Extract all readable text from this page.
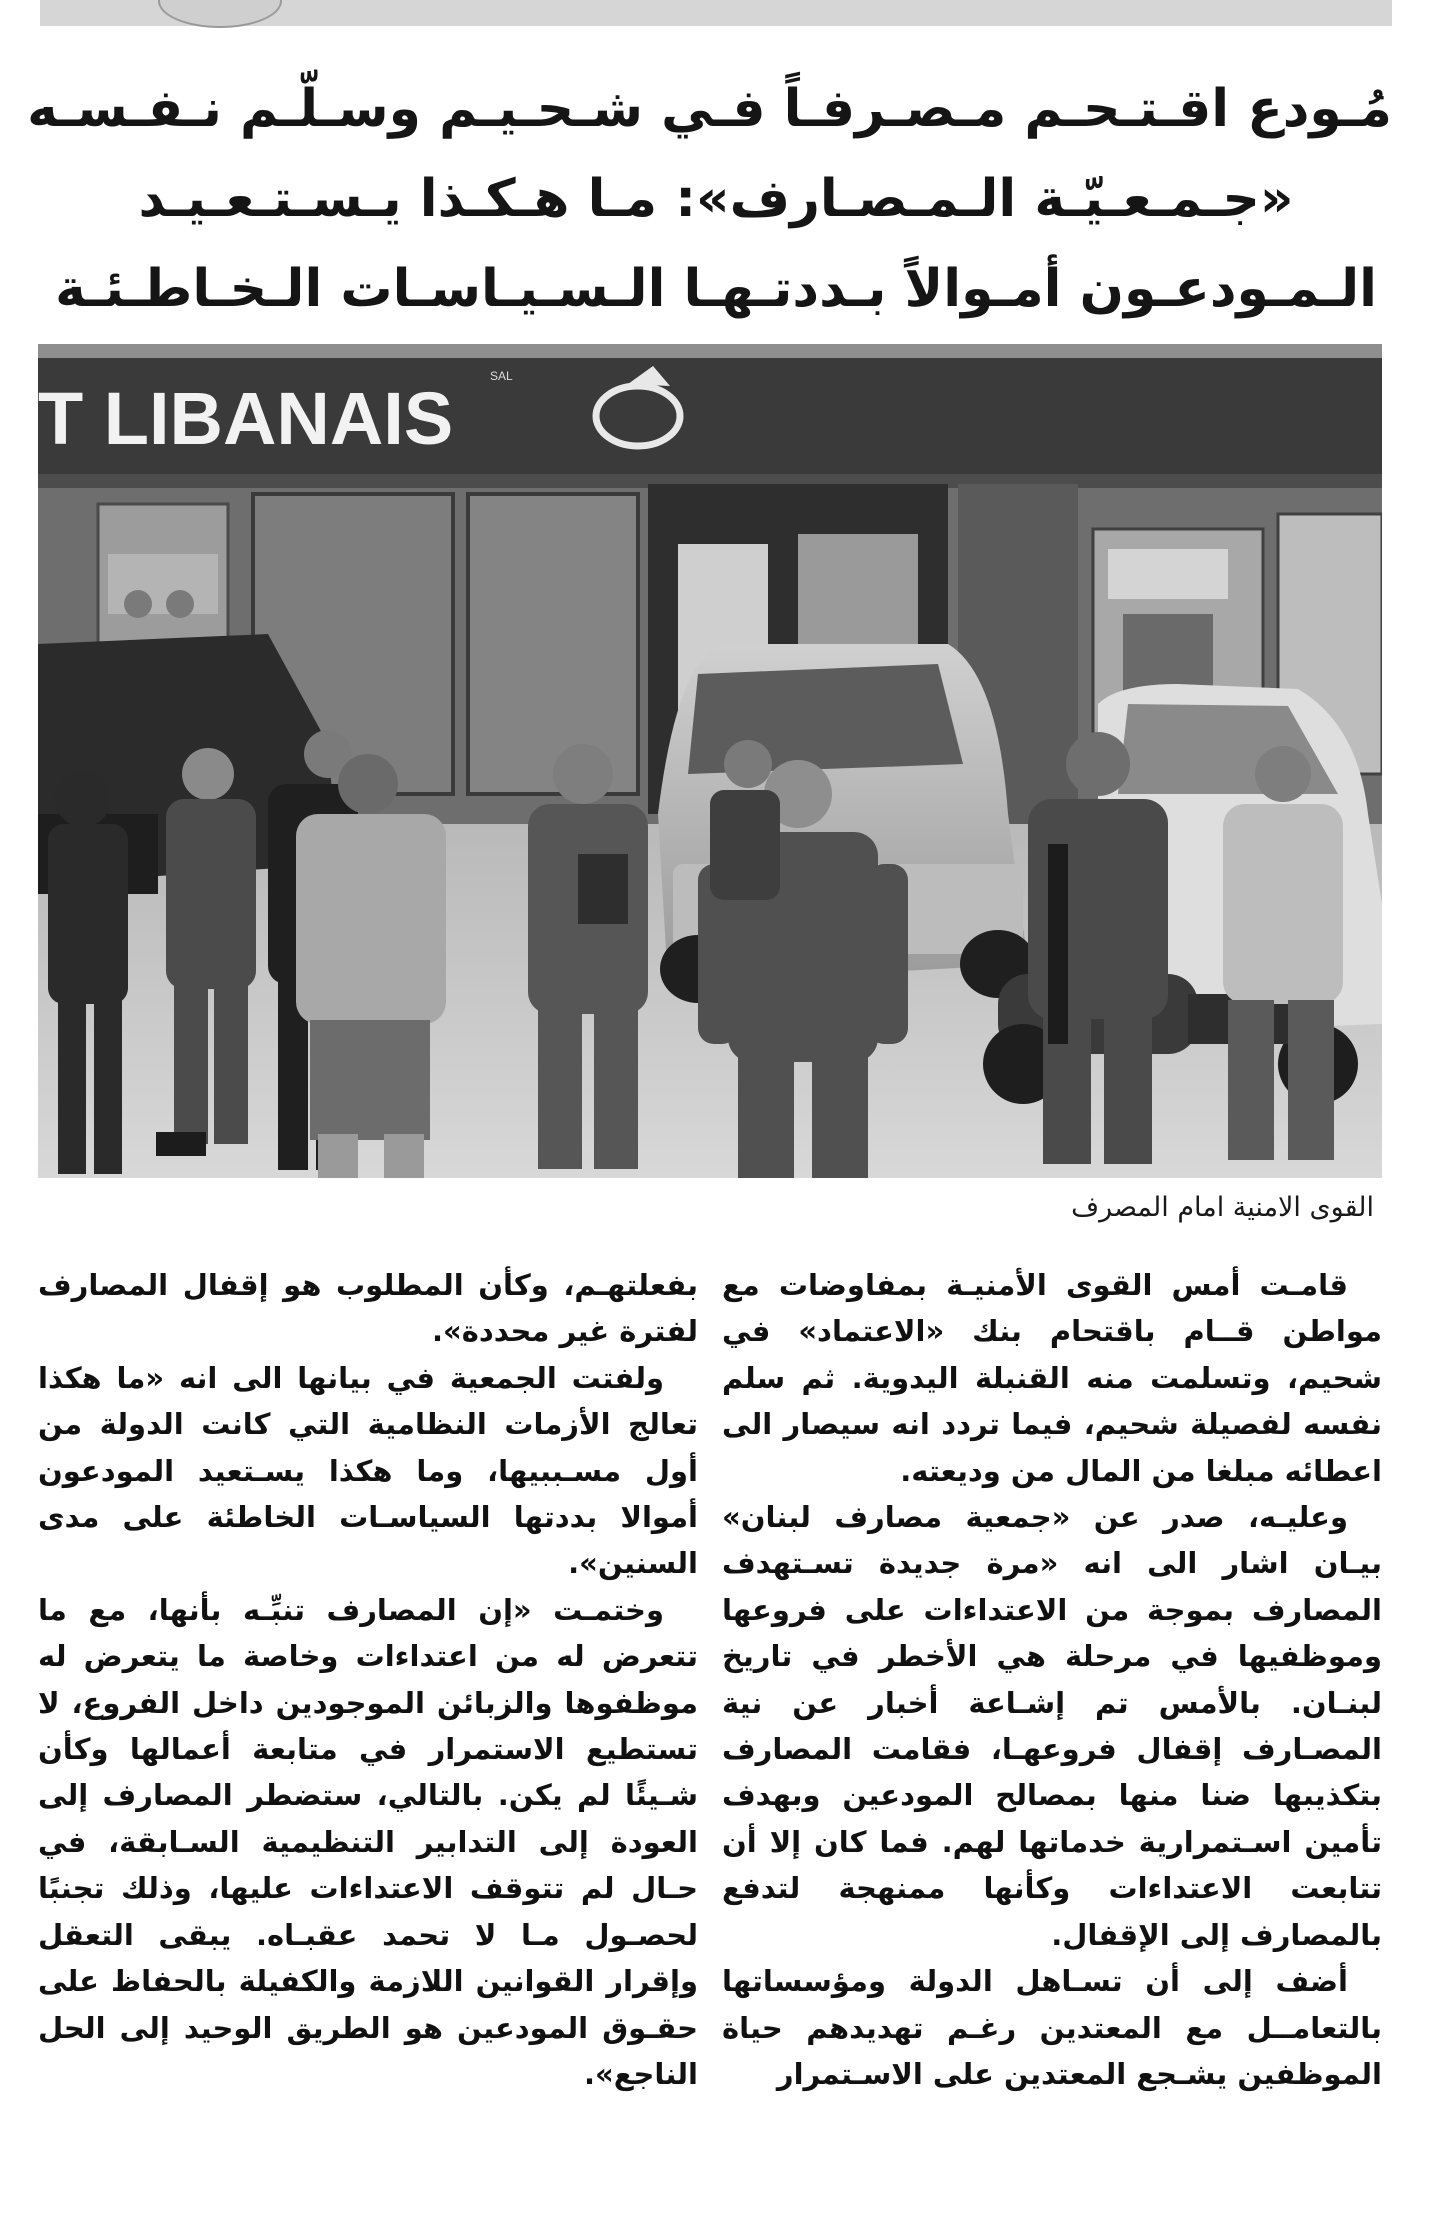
مُـودع اقـتـحـم مـصـرفـاً فـي شـحـيـم وسـلّـم نـفـسـه
«جـمـعـيّـة الـمـصـارف»: مـا هـكـذا يـسـتـعـيـد
الـمـودعـون أمـوالاً بـددتـهـا الـسـيـاسـات الـخـاطـئـة
T LIBANAIS
SAL
القوى الامنية امام المصرف

قامـت أمس القوى الأمنيـة بمفاوضات مع مواطن قــام باقتحام بنك «الاعتماد» في شحيم، وتسلمت منه القنبلة اليدوية. ثم سلم نفسه لفصيلة شحيم، فيما تردد انه سيصار الى اعطائه مبلغا من المال من وديعته.

وعليـه، صدر عن «جمعية مصارف لبنان» بيـان اشار الى انه «مرة جديدة تسـتهدف المصارف بموجة من الاعتداءات على فروعها وموظفيها في مرحلة هي الأخطر في تاريخ لبنـان. بالأمس تم إشـاعة أخبار عن نية المصـارف إقفال فروعهـا، فقامت المصارف بتكذيبها ضنا منها بمصالح المودعين وبهدف تأمين اسـتمرارية خدماتها لهم. فما كان إلا أن تتابعت الاعتداءات وكأنها ممنهجة لتدفع بالمصارف إلى الإقفال.

أضف إلى أن تسـاهل الدولة ومؤسساتها بالتعامــل مع المعتدين رغـم تهديدهم حياة الموظفين يشـجع المعتدين على الاسـتمرار

بفعلتهـم، وكأن المطلوب هو إقفال المصارف لفترة غير محددة».

ولفتت الجمعية في بيانها الى انه «ما هكذا تعالج الأزمات النظامية التي كانت الدولة من أول مسـببيها، وما هكذا يسـتعيد المودعون أموالا بددتها السياسـات الخاطئة على مدى السنين».

وختمـت «إن المصارف تنبِّـه بأنها، مع ما تتعرض له من اعتداءات وخاصة ما يتعرض له موظفوها والزبائن الموجودين داخل الفروع، لا تستطيع الاستمرار في متابعة أعمالها وكأن شـيئًا لم يكن. بالتالي، ستضطر المصارف إلى العودة إلى التدابير التنظيمية السـابقة، في حـال لم تتوقف الاعتداءات عليها، وذلك تجنبًا لحصـول مـا لا تحمد عقبـاه. يبقى التعقل وإقرار القوانين اللازمة والكفيلة بالحفاظ على حقـوق المودعين هو الطريق الوحيد إلى الحل الناجع».
